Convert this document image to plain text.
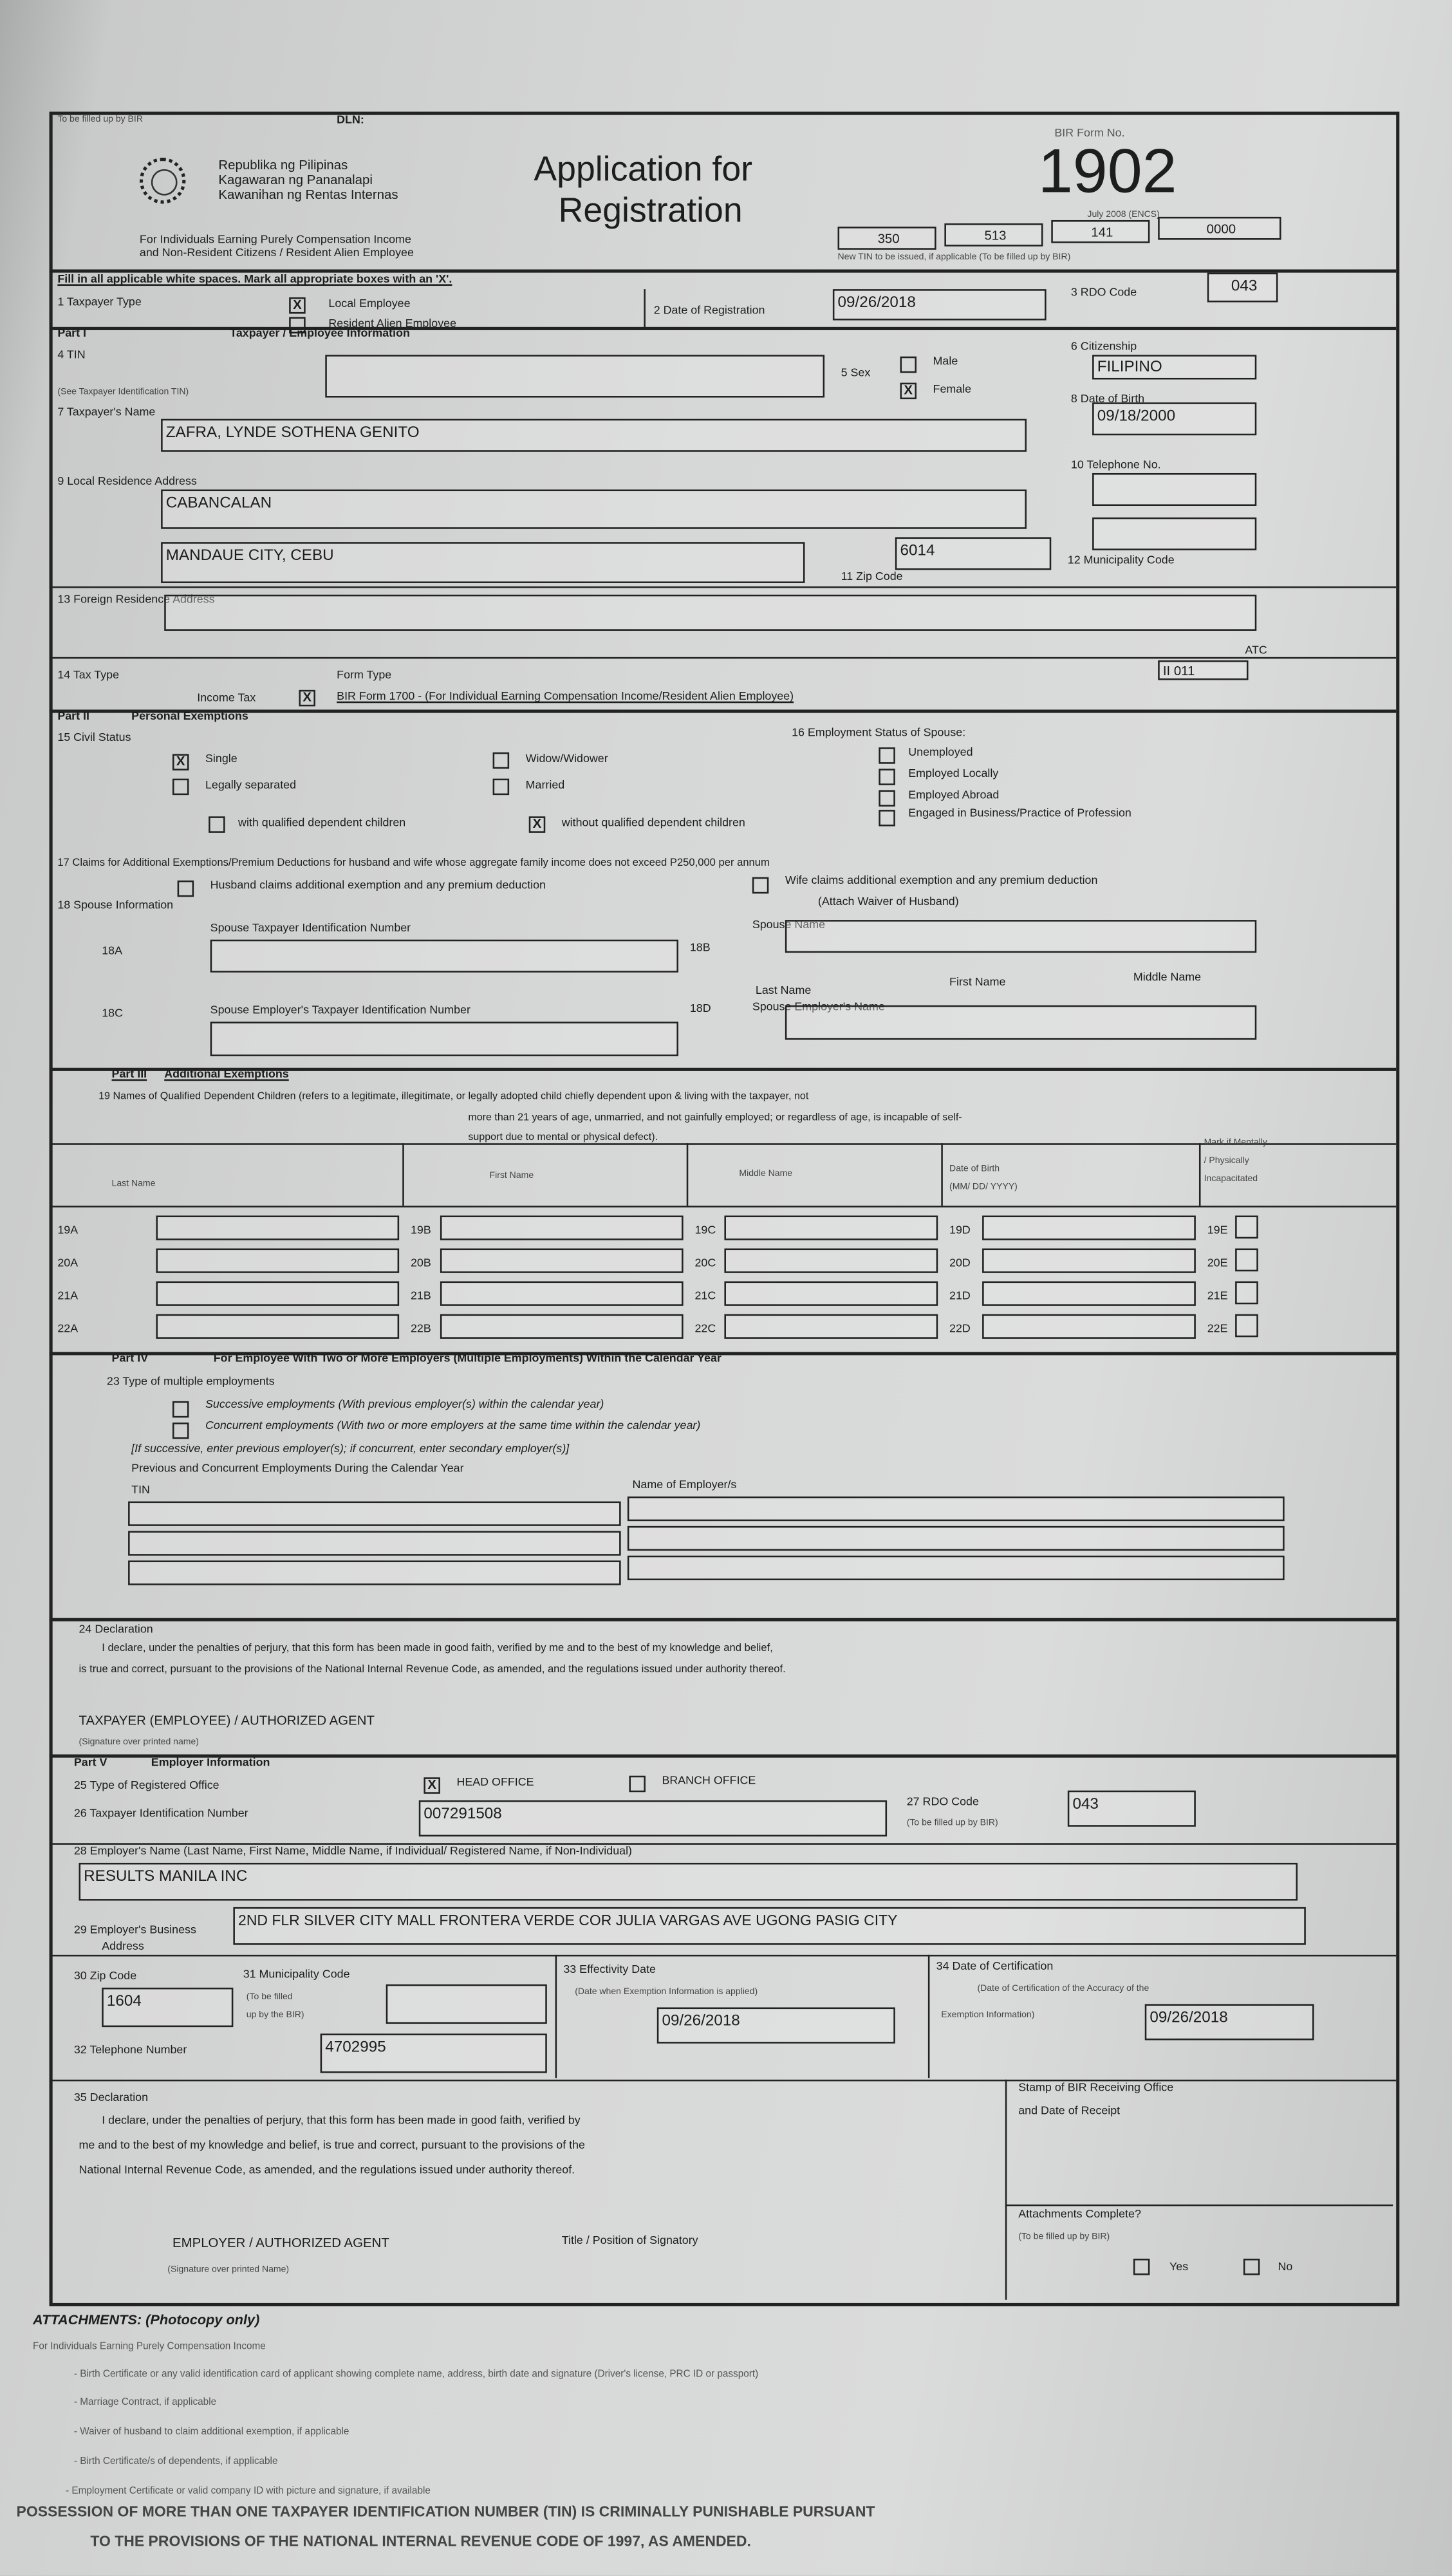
To be filled up by BIR	DLN:
Republika ng Pilipinas
Kagawaran ng Pananalapi
Kawanihan ng Rentas Internas
Application for
Registration
BIR Form No.
1902
July 2008 (ENCS)
For Individuals Earning Purely Compensation Income
and Non-Resident Citizens / Resident Alien Employee
350	513	141	0000
New TIN to be issued, if applicable (To be filled up by BIR)
Fill in all applicable white spaces. Mark all appropriate boxes with an 'X'.
1 Taxpayer Type	X	Local Employee
Resident Alien Employee
2 Date of Registration	09/26/2018
3 RDO Code	043
Part I	Taxpayer / Employee Information
4 TIN
(See Taxpayer Identification TIN)
5 Sex
Male
X	Female
6 Citizenship
FILIPINO
7 Taxpayer's Name
ZAFRA, LYNDE SOTHENA GENITO
8 Date of Birth
09/18/2000
9 Local Residence Address
CABANCALAN
MANDAUE CITY, CEBU	6014
11 Zip Code
10 Telephone No.
12 Municipality Code
13 Foreign Residence Address
14 Tax Type
Income Tax
Form Type
X	BIR Form 1700 - (For Individual Earning Compensation Income/Resident Alien Employee)
ATC
II 011
Part II	Personal Exemptions
15 Civil Status
X	Single
Legally separated
Widow/Widower
Married
with qualified dependent children	X	without qualified dependent children
16 Employment Status of Spouse:
Unemployed
Employed Locally
Employed Abroad
Engaged in Business/Practice of Profession
17 Claims for Additional Exemptions/Premium Deductions for husband and wife whose aggregate family income does not exceed P250,000 per annum
Husband claims additional exemption and any premium deduction	Wife claims additional exemption and any premium deduction
18 Spouse Information	(Attach Waiver of Husband)
Spouse Taxpayer Identification Number
18A	18B
Spouse Name
Last Name
First Name	Middle Name
18C	Spouse Employer's Taxpayer Identification Number	18D	Spouse Employer's Name
Part III	Additional Exemptions
19 Names of Qualified Dependent Children (refers to a legitimate, illegitimate, or legally adopted child chiefly dependent upon & living with the taxpayer, not
more than 21 years of age, unmarried, and not gainfully employed; or regardless of age, is incapable of self-
support due to mental or physical defect).
Last Name
First Name	Middle Name	Date of Birth
(MM/ DD/ YYYY)
Mark if Mentally
/ Physically
Incapacitated
19A	19B	19C	19D	19E
20A	20B	20C	20D	20E
21A	21B	21C	21D	21E
22A	22B	22C	22D	22E
Part IV	For Employee With Two or More Employers (Multiple Employments) Within the Calendar Year
23 Type of multiple employments
Successive employments (With previous employer(s) within the calendar year)
Concurrent employments (With two or more employers at the same time within the calendar year)
[If successive, enter previous employer(s); if concurrent, enter secondary employer(s)]
Previous and Concurrent Employments During the Calendar Year
TIN	Name of Employer/s
24 Declaration
I declare, under the penalties of perjury, that this form has been made in good faith, verified by me and to the best of my knowledge and belief,
is true and correct, pursuant to the provisions of the National Internal Revenue Code, as amended, and the regulations issued under authority thereof.
TAXPAYER (EMPLOYEE) / AUTHORIZED AGENT
(Signature over printed name)
Part V	Employer Information
25 Type of Registered Office	X	HEAD OFFICE	BRANCH OFFICE
26 Taxpayer Identification Number	007291508
27 RDO Code
(To be filled up by BIR)
043
28 Employer's Name (Last Name, First Name, Middle Name, if Individual/ Registered Name, if Non-Individual)
RESULTS MANILA INC
29 Employer's Business
Address
2ND FLR SILVER CITY MALL FRONTERA VERDE COR JULIA VARGAS AVE UGONG PASIG CITY
30 Zip Code
1604
31 Municipality Code
(To be filled
up by the BIR)
32 Telephone Number	4702995
33 Effectivity Date
(Date when Exemption Information is applied)
09/26/2018
34 Date of Certification
(Date of Certification of the Accuracy of the
Exemption Information)	09/26/2018
35 Declaration
I declare, under the penalties of perjury, that this form has been made in good faith, verified by
me and to the best of my knowledge and belief, is true and correct, pursuant to the provisions of the
National Internal Revenue Code, as amended, and the regulations issued under authority thereof.
Stamp of BIR Receiving Office
and Date of Receipt
Attachments Complete?
(To be filled up by BIR)
Yes	No
EMPLOYER / AUTHORIZED AGENT
(Signature over printed Name)
Title / Position of Signatory
ATTACHMENTS: (Photocopy only)
For Individuals Earning Purely Compensation Income
- Birth Certificate or any valid identification card of applicant showing complete name, address, birth date and signature (Driver's license, PRC ID or passport)
- Marriage Contract, if applicable
- Waiver of husband to claim additional exemption, if applicable
- Birth Certificate/s of dependents, if applicable
- Employment Certificate or valid company ID with picture and signature, if available
POSSESSION OF MORE THAN ONE TAXPAYER IDENTIFICATION NUMBER (TIN) IS CRIMINALLY PUNISHABLE PURSUANT
TO THE PROVISIONS OF THE NATIONAL INTERNAL REVENUE CODE OF 1997, AS AMENDED.
